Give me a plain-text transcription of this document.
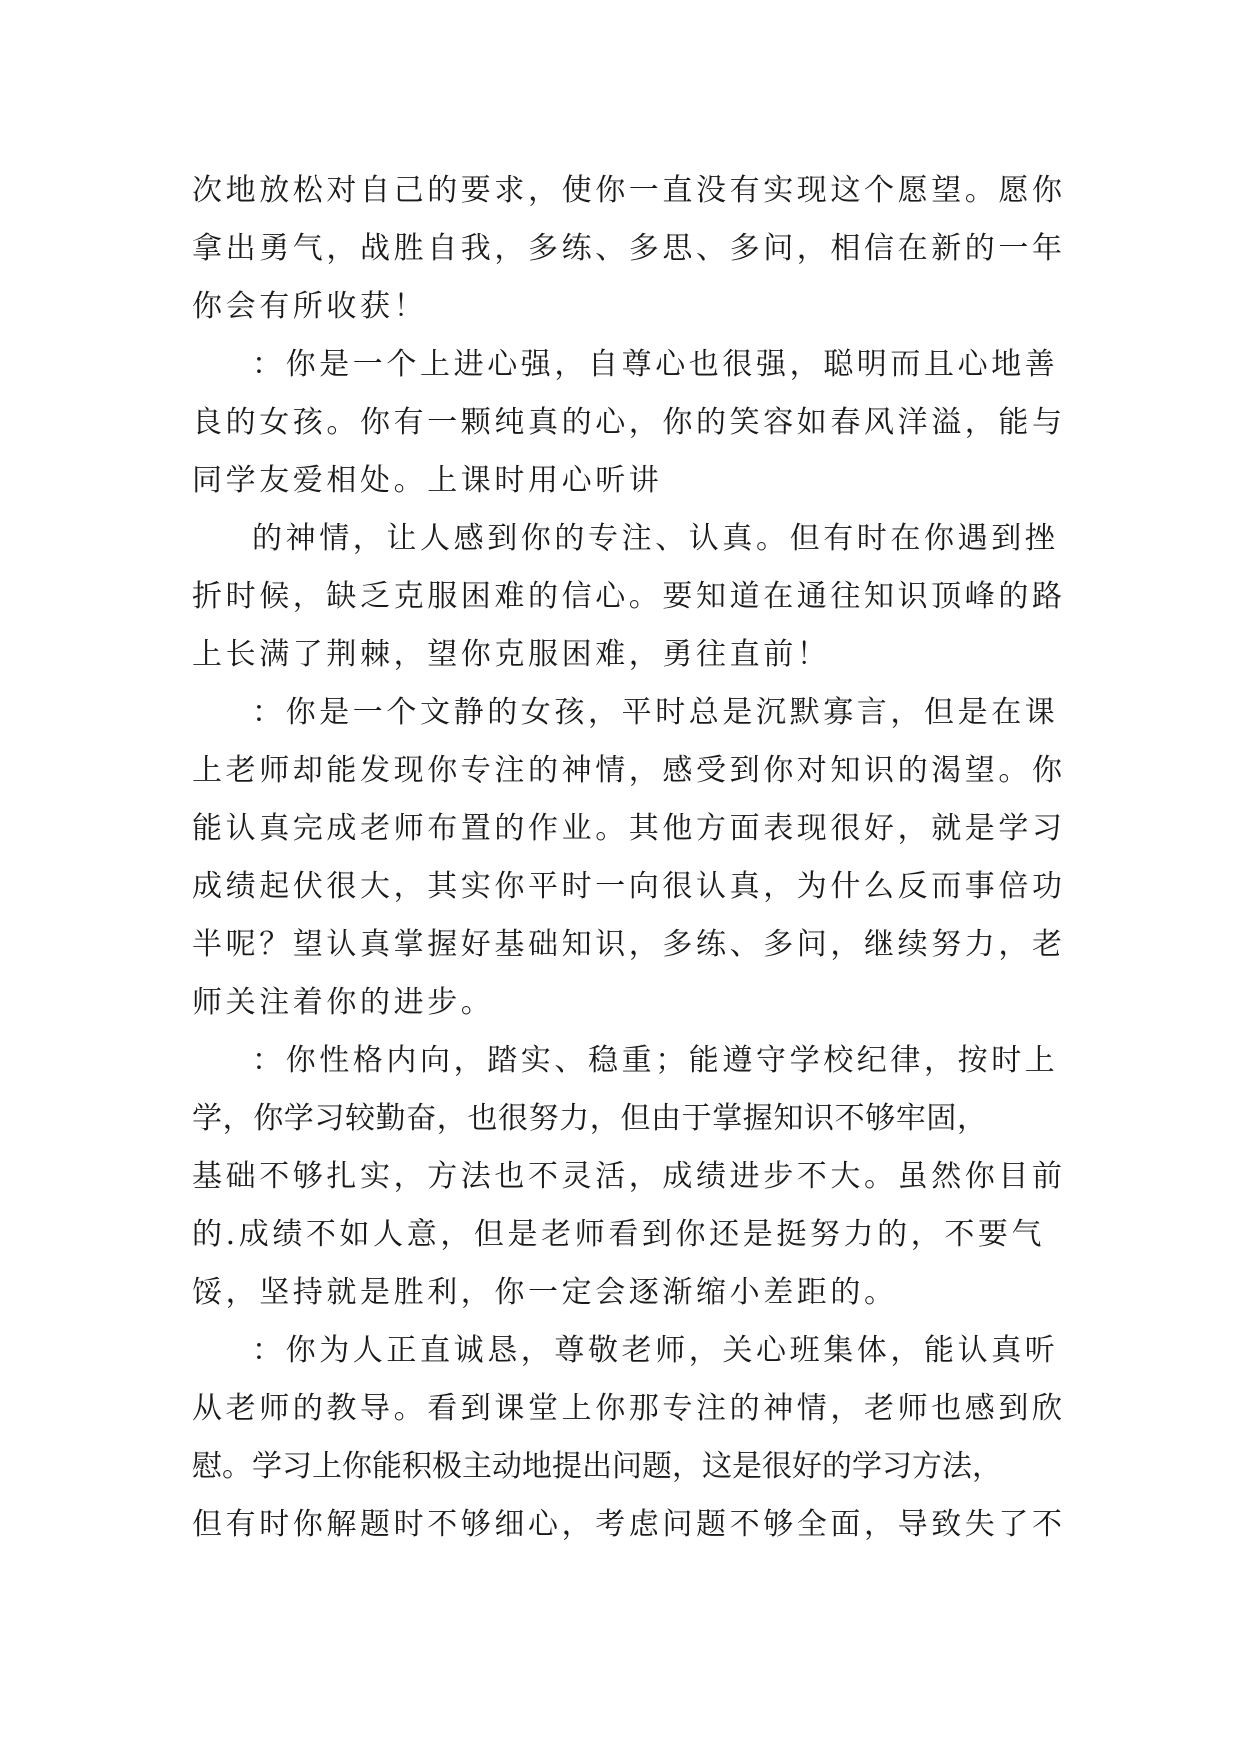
次地放松对自己的要求，使你一直没有实现这个愿望。愿你
拿出勇气，战胜自我，多练、多思、多问，相信在新的一年
你会有所收获！
：你是一个上进心强，自尊心也很强，聪明而且心地善
良的女孩。你有一颗纯真的心，你的笑容如春风洋溢，能与
同学友爱相处。上课时用心听讲
的神情，让人感到你的专注、认真。但有时在你遇到挫
折时候，缺乏克服困难的信心。要知道在通往知识顶峰的路
上长满了荆棘，望你克服困难，勇往直前！
：你是一个文静的女孩，平时总是沉默寡言，但是在课
上老师却能发现你专注的神情，感受到你对知识的渴望。你
能认真完成老师布置的作业。其他方面表现很好，就是学习
成绩起伏很大，其实你平时一向很认真，为什么反而事倍功
半呢？望认真掌握好基础知识，多练、多问，继续努力，老
师关注着你的进步。
：你性格内向，踏实、稳重；能遵守学校纪律，按时上
学，你学习较勤奋，也很努力，但由于掌握知识不够牢固，
基础不够扎实，方法也不灵活，成绩进步不大。虽然你目前
的.成绩不如人意，但是老师看到你还是挺努力的，不要气
馁，坚持就是胜利，你一定会逐渐缩小差距的。
：你为人正直诚恳，尊敬老师，关心班集体，能认真听
从老师的教导。看到课堂上你那专注的神情，老师也感到欣
慰。学习上你能积极主动地提出问题，这是很好的学习方法，
但有时你解题时不够细心，考虑问题不够全面，导致失了不
